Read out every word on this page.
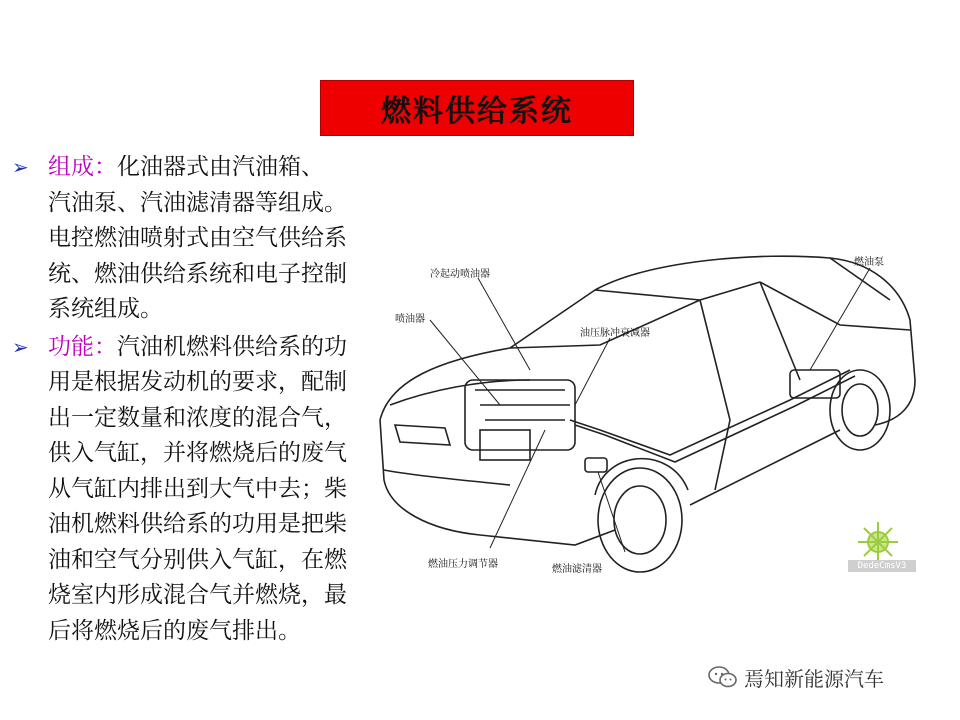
燃料供给系统
➢ 组成：化油器式由汽油箱、
汽油泵、汽油滤清器等组成。电控燃油喷射式由空气供给系统、燃油供给系统和电子控制系统组成。
➢ 功能：汽油机燃料供给系的功用是根据发动机的要求，配制出一定数量和浓度的混合气，供入气缸，并将燃烧后的废气从气缸内排出到大气中去；柴油机燃料供给系的功用是把柴油和空气分别供入气缸，在燃烧室内形成混合气并燃烧，最后将燃烧后的废气排出。
冷起动喷油器
喷油器
油压脉冲衰减器
燃油泵
燃油压力调节器	燃油滤清器	DedeCmsV3
焉知新能源汽车
